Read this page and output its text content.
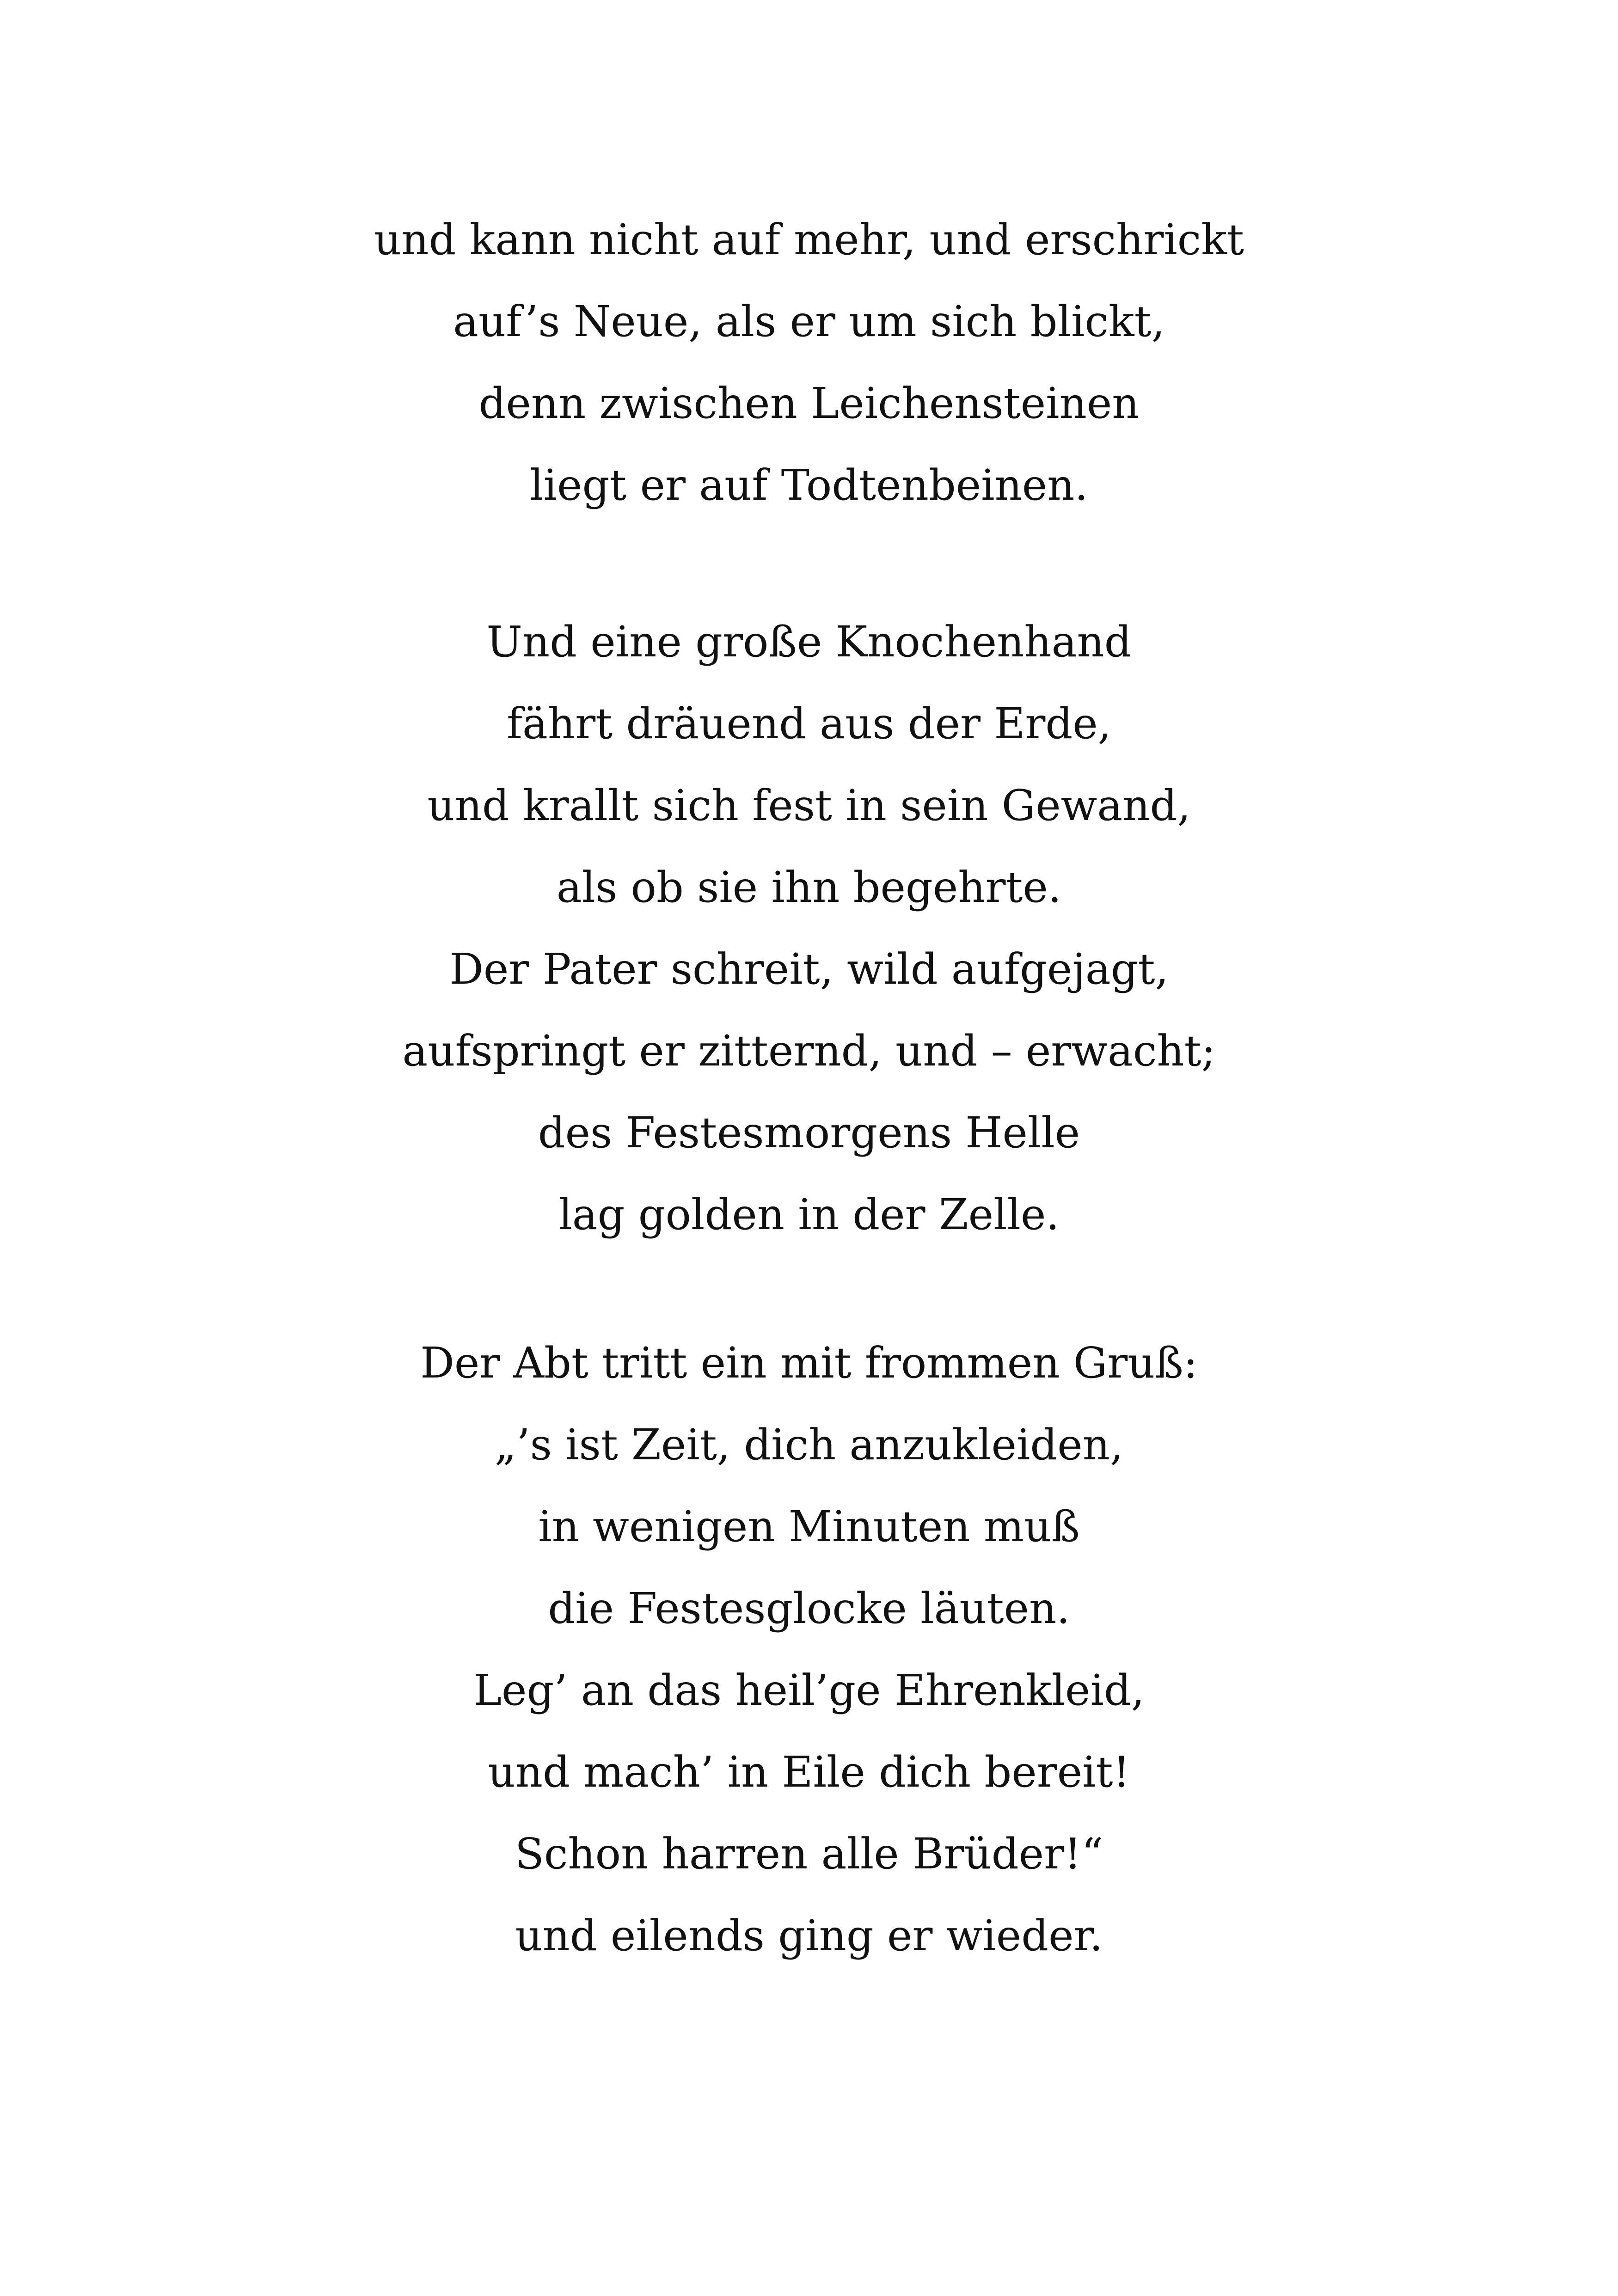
und kann nicht auf mehr, und erschrickt
auf’s Neue, als er um sich blickt,
denn zwischen Leichensteinen
liegt er auf Todtenbeinen.
Und eine große Knochenhand
fährt dräuend aus der Erde,
und krallt sich fest in sein Gewand,
als ob sie ihn begehrte.
Der Pater schreit, wild aufgejagt,
aufspringt er zitternd, und – erwacht;
des Festesmorgens Helle
lag golden in der Zelle.
Der Abt tritt ein mit frommen Gruß:
„’s ist Zeit, dich anzukleiden,
in wenigen Minuten muß
die Festesglocke läuten.
Leg’ an das heil’ge Ehrenkleid,
und mach’ in Eile dich bereit!
Schon harren alle Brüder!“
und eilends ging er wieder.
